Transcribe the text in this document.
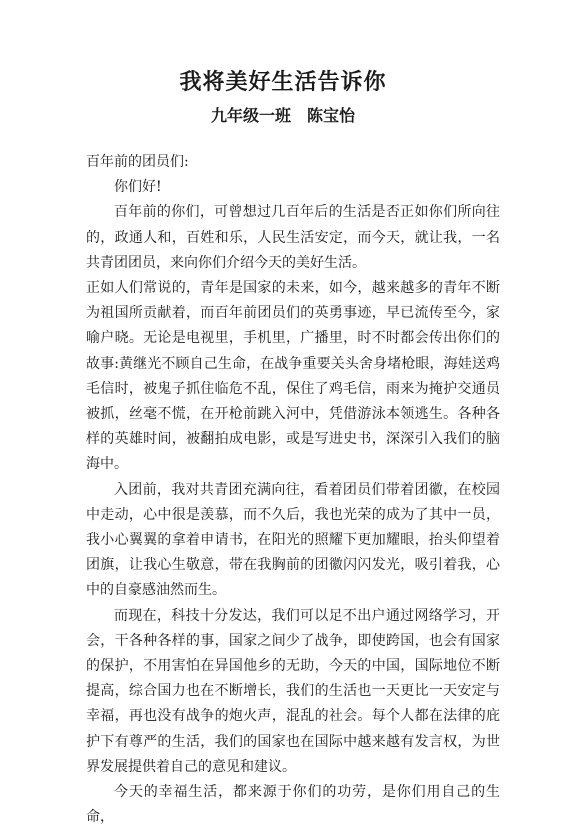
我将美好生活告诉你
九年级一班　陈宝怡

百年前的团员们:

你们好!

百年前的你们，可曾想过几百年后的生活是否正如你们所向往的，政通人和，百姓和乐，人民生活安定，而今天，就让我，一名共青团团员，来向你们介绍今天的美好生活。

正如人们常说的，青年是国家的未来，如今，越来越多的青年不断为祖国所贡献着，而百年前团员们的英勇事迹，早已流传至今，家喻户晓。无论是电视里，手机里，广播里，时不时都会传出你们的故事:黄继光不顾自己生命，在战争重要关头舍身堵枪眼，海娃送鸡毛信时，被鬼子抓住临危不乱，保住了鸡毛信，雨来为掩护交通员被抓，丝毫不慌，在开枪前跳入河中，凭借游泳本领逃生。各种各样的英雄时间，被翻拍成电影，或是写进史书，深深引入我们的脑海中。

入团前，我对共青团充满向往，看着团员们带着团徽，在校园中走动，心中很是羡慕，而不久后，我也光荣的成为了其中一员，我小心翼翼的拿着申请书，在阳光的照耀下更加耀眼，抬头仰望着团旗，让我心生敬意，带在我胸前的团徽闪闪发光，吸引着我，心中的自豪感油然而生。

而现在，科技十分发达，我们可以足不出户通过网络学习，开会，干各种各样的事，国家之间少了战争，即使跨国，也会有国家的保护，不用害怕在异国他乡的无助，今天的中国，国际地位不断提高，综合国力也在不断增长，我们的生活也一天更比一天安定与幸福，再也没有战争的炮火声，混乱的社会。每个人都在法律的庇护下有尊严的生活，我们的国家也在国际中越来越有发言权，为世界发展提供着自己的意见和建议。

今天的幸福生活，都来源于你们的功劳，是你们用自己的生命，
